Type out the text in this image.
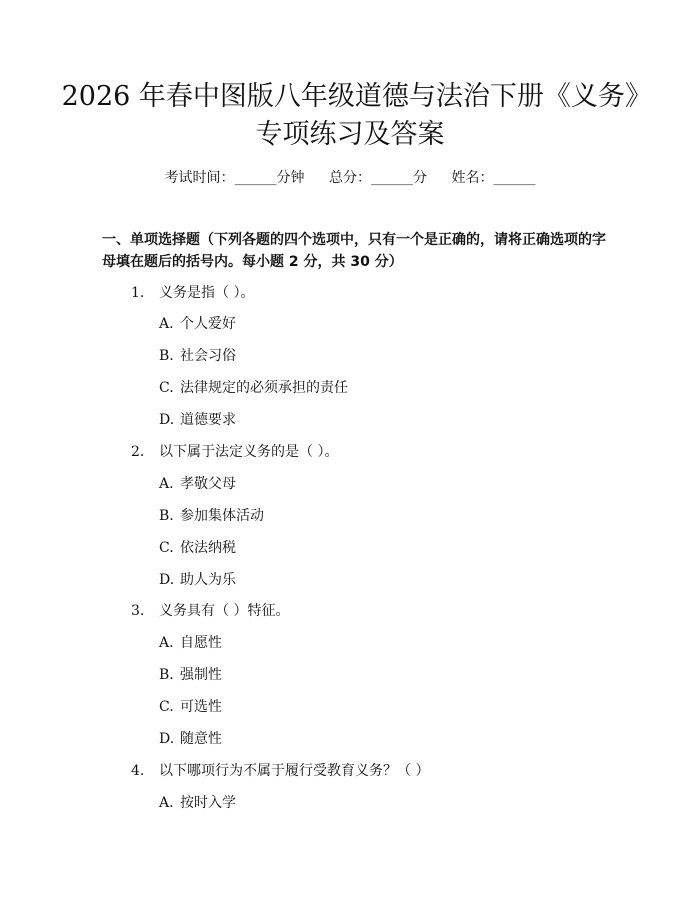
2026 年春中图版八年级道德与法治下册《义务》专项练习及答案
考试时间：______分钟 总分：______分 姓名：______

一、单项选择题（下列各题的四个选项中，只有一个是正确的，请将正确选项的字母填在题后的括号内。每小题 2 分，共 30 分）

1. 义务是指（ ）。
A. 个人爱好
B. 社会习俗
C. 法律规定的必须承担的责任
D. 道德要求
2. 以下属于法定义务的是（ ）。
A. 孝敬父母
B. 参加集体活动
C. 依法纳税
D. 助人为乐
3. 义务具有（ ）特征。
A. 自愿性
B. 强制性
C. 可选性
D. 随意性
4. 以下哪项行为不属于履行受教育义务？（ ）
A. 按时入学
